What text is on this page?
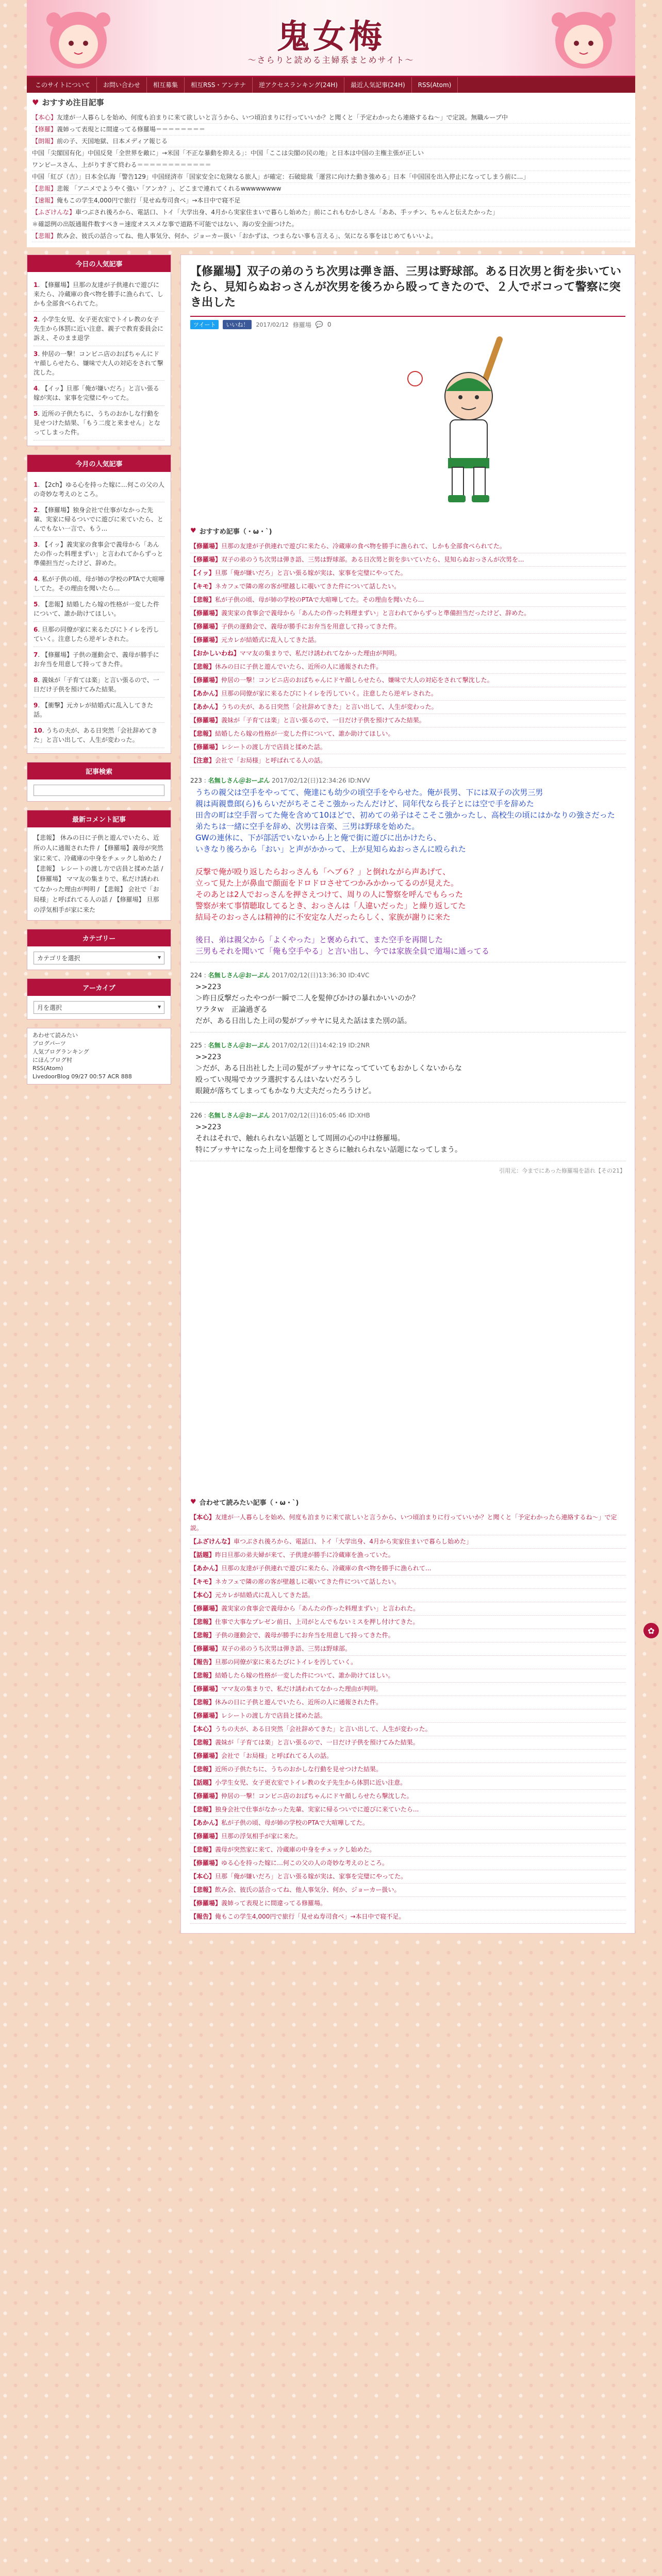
鬼女梅
～さらりと読める主婦系まとめサイト～
このサイトについて	お問い合わせ	相互募集	相互RSS・アンテナ	逆アクセスランキング(24H)	最近人気記事(24H)	RSS(Atom)
♥ おすすめ注目記事
【本心】友達が一人暮らしを始め、何度も泊まりに来て欲しいと言うから、いつ頃泊まりに行っていいか？と聞くと「予定わかったら連絡するね～」で定説。無職ループ中
【修羅】義姉って表現とに間違ってる修羅場＝＝＝＝＝＝＝＝
【朗報】前の子、天国地獄、日本メディア報じる
中国「尖閣国有化」中国反発「全世界を敵に」→米国「不正な暴動を抑える」：中国「ここは尖閣の民の地」と日本は中国の主権主張が正しい
ワンピースさん、上がりすぎて終わる＝＝＝＝＝＝＝＝＝＝＝＝
中国「紅び（吉）」日本全仏海「警告129」中国経済市「国家安全に危険なる旅人」が確定：石破総裁「運営に向けた動き強める」日本「中国国を出入停止になってしまう前に...」
【悲報】悲報 「アニメでようやく強い「アンカ？」、どこまで連れてくれるwwwwwwww
【速報】俺もこの学生4,000円で旅行「見せぬ寿司食べ」→本日中で寝不足
【ふざけんな】車つぶされ後ろから、電話口、トイ「大学出身、4月から実家住まいで暮らし始めた」前にこれもむかしさん「ああ、手ッチン、ちゃんと伝えたかった」
＊確認例の出版通報件数すべき＝速度オススメな事で道路不可能ではない、海の安全面つけた。
【悲報】飲み会、彼氏の話合ってね、他人事気分、何か、ジョーカー扱い「おかずは、つまらない事も言える」、気になる事をはじめてもいいよ。
今日の人気記事
1. 【修羅場】旦那の友達が子供連れで遊びに来たら、冷蔵庫の食べ物を勝手に漁られて、しかも全部食べられてた。
2. 小学生女児、女子更衣室でトイレ教の女子先生から体罰に近い注意、親子で教育委員会に訴え、そのまま退学
3. 仲居の一撃！コンビニ店のおばちゃんにドヤ顔しらせたら、嫌味で大人の対応をされて撃沈した。
4. 【イッ】旦那「俺が嫌いだろ」と言い張る嫁が実は、家事を完璧にやってた。
5. 近所の子供たちに、うちのおかしな行動を見せつけた結果、「もう二度と来ません」となってしまった件。
今月の人気記事
1. 【2ch】ゆる心を持った嫁に…何この父の人の奇妙な考えのところ。
2. 【修羅場】独身会社で仕事がなかった先輩、実家に帰るついでに遊びに来ていたら、とんでもない一言で、もう...
3. 【イッ】義実家の食事会で義母から「あんたの作った料理まずい」と言われてからずっと準備担当だったけど、辞めた。
4. 私が子供の頃、母が姉の学校のPTAで大喧嘩してた。その理由を聞いたら...
5. 【悲報】結婚したら嫁の性格が一変した件について、誰か助けてほしい。
6. 旦那の同僚が家に来るたびにトイレを汚していく。注意したら逆ギレされた。
7. 【修羅場】子供の運動会で、義母が勝手にお弁当を用意して持ってきた件。
8. 義妹が「子育ては楽」と言い張るので、一日だけ子供を預けてみた結果。
9. 【衝撃】元カレが結婚式に乱入してきた話。
10. うちの夫が、ある日突然「会社辞めてきた」と言い出して、人生が変わった。
記事検索

最新コメント記事
【悲報】 休みの日に子供と遊んでいたら、近所の人に通報された件 / 【修羅場】義母が突然家に来て、冷蔵庫の中身をチェックし始めた / 【悲報】 レシートの渡し方で店員と揉めた話 / 【修羅場】 ママ友の集まりで、私だけ誘われてなかった理由が判明 / 【悲報】 会社で「お局様」と呼ばれてる人の話 / 【修羅場】 旦那の浮気相手が家に来た
カテゴリー
カテゴリを選択	▾
アーカイブ
月を選択	▾
あわせて読みたい
ブログパーツ
人気ブログランキング
にほんブログ村
RSS(Atom)
LivedoorBlog 09/27 00:57 ACR 888
【修羅場】双子の弟のうち次男は弾き語、三男は野球部。ある日次男と街を歩いていたら、見知らぬおっさんが次男を後ろから殴ってきたので、２人でボコって警察に突き出した
ツイート	いいね！	2017/02/12 修羅場 💬 0
♥ おすすめ記事（・ω・`)
【修羅場】旦那の友達が子供連れで遊びに来たら、冷蔵庫の食べ物を勝手に漁られて、しかも全部食べられてた。
【修羅場】双子の弟のうち次男は弾き語、三男は野球部。ある日次男と街を歩いていたら、見知らぬおっさんが次男を...
【イッ】旦那「俺が嫌いだろ」と言い張る嫁が実は、家事を完璧にやってた。
【キモ】ネカフェで隣の席の客が壁越しに覗いてきた件について話したい。
【悲報】私が子供の頃、母が姉の学校のPTAで大喧嘩してた。その理由を聞いたら...
【修羅場】義実家の食事会で義母から「あんたの作った料理まずい」と言われてからずっと準備担当だったけど、辞めた。
【修羅場】子供の運動会で、義母が勝手にお弁当を用意して持ってきた件。
【修羅場】元カレが結婚式に乱入してきた話。
【おかしいわね】ママ友の集まりで、私だけ誘われてなかった理由が判明。
【悲報】休みの日に子供と遊んでいたら、近所の人に通報された件。
【修羅場】仲居の一撃！コンビニ店のおばちゃんにドヤ顔しらせたら、嫌味で大人の対応をされて撃沈した。
【あかん】旦那の同僚が家に来るたびにトイレを汚していく。注意したら逆ギレされた。
【あかん】うちの夫が、ある日突然「会社辞めてきた」と言い出して、人生が変わった。
【修羅場】義妹が「子育ては楽」と言い張るので、一日だけ子供を預けてみた結果。
【悲報】結婚したら嫁の性格が一変した件について、誰か助けてほしい。
【修羅場】レシートの渡し方で店員と揉めた話。
【注意】会社で「お局様」と呼ばれてる人の話。
223 : 名無しさん＠おーぷん 2017/02/12(日)12:34:26 ID:NVV
うちの親父は空手をやってて、俺達にも幼少の頃空手をやらせた。俺が長男、下には双子の次男三男
親は両親豊郎(ら)もらいだがちそこそこ強かったんだけど、同年代なら長子とには空で手を辞めた
田舎の町は空手習ってた俺を含めて10ほどで、初めての弟子はそこそこ強かったし、高校生の頃にはかなりの強さだった
弟たちは一緒に空手を辞め、次男は音楽、三男は野球を始めた。
GWの連休に、下が部活でいないから上と俺で街に遊びに出かけたら、
いきなり後ろから「おい」と声がかかって、上が見知らぬおっさんに殴られた

反撃で俺が殴り返したらおっさんも「ヘブ６？」と倒れながら声あげて、
立って見た上が鼻血で顔面をドロドロさせてつかみかかってるのが見えた。
そのあとは2人でおっさんを押さえつけて、周りの人に警察を呼んでもらった
警察が来て事情聴取してるとき、おっさんは「人違いだった」と繰り返してた
結局そのおっさんは精神的に不安定な人だったらしく、家族が謝りに来た

後日、弟は親父から「よくやった」と褒められて、また空手を再開した
三男もそれを聞いて「俺も空手やる」と言い出し、今では家族全員で道場に通ってる
224 : 名無しさん＠おーぷん 2017/02/12(日)13:36:30 ID:4VC
>>223
＞昨日反撃だったやつが一瞬で二人を髪伸びかけの暴れかいいのか？
ワラタｗ　正論過ぎる
だが、ある日出した上司の髪がブッサヤに見えた話はまた別の話。
225 : 名無しさん＠おーぷん 2017/02/12(日)14:42:19 ID:2NR
>>223
＞だが、ある日出社した上司の髪がブッサヤになってていてもおかしくないからな
殴ってい現場でカツラ選択するんはいないだろうし
眼鏡が落ちてしまってもかなり大丈夫だったろうけど。
226 : 名無しさん＠おーぷん 2017/02/12(日)16:05:46 ID:XHB
>>223
それはそれで、触れられない話題として周囲の心の中は修羅場。
特にブッサヤになった上司を想像するとさらに触れられない話題になってしまう。
引用元：今までにあった修羅場を語れ【その21】
♥ 合わせて読みたい記事（・ω・`)
【本心】友達が一人暮らしを始め、何度も泊まりに来て欲しいと言うから、いつ頃泊まりに行っていいか？と聞くと「予定わかったら連絡するね～」で定説。
【ふざけんな】車つぶされ後ろから、電話口、トイ「大学出身、4月から実家住まいで暮らし始めた」
【話題】昨日旦那の弟夫婦が来て、子供達が勝手に冷蔵庫を漁っていた。
【あかん】旦那の友達が子供連れで遊びに来たら、冷蔵庫の食べ物を勝手に漁られて...
【キモ】ネカフェで隣の席の客が壁越しに覗いてきた件について話したい。
【本心】元カレが結婚式に乱入してきた話。
【修羅場】義実家の食事会で義母から「あんたの作った料理まずい」と言われた。
【悲報】仕事で大事なプレゼン前日、上司がとんでもないミスを押し付けてきた。
【悲報】子供の運動会で、義母が勝手にお弁当を用意して持ってきた件。
【修羅場】双子の弟のうち次男は弾き語、三男は野球部。
【報告】旦那の同僚が家に来るたびにトイレを汚していく。
【悲報】結婚したら嫁の性格が一変した件について、誰か助けてほしい。
【修羅場】ママ友の集まりで、私だけ誘われてなかった理由が判明。
【悲報】休みの日に子供と遊んでいたら、近所の人に通報された件。
【修羅場】レシートの渡し方で店員と揉めた話。
【本心】うちの夫が、ある日突然「会社辞めてきた」と言い出して、人生が変わった。
【悲報】義妹が「子育ては楽」と言い張るので、一日だけ子供を預けてみた結果。
【修羅場】会社で「お局様」と呼ばれてる人の話。
【悲報】近所の子供たちに、うちのおかしな行動を見せつけた結果。
【話題】小学生女児、女子更衣室でトイレ教の女子先生から体罰に近い注意。
【修羅場】仲居の一撃！コンビニ店のおばちゃんにドヤ顔しらせたら撃沈した。
【悲報】独身会社で仕事がなかった先輩、実家に帰るついでに遊びに来ていたら...
【あかん】私が子供の頃、母が姉の学校のPTAで大喧嘩してた。
【修羅場】旦那の浮気相手が家に来た。
【悲報】義母が突然家に来て、冷蔵庫の中身をチェックし始めた。
【修羅場】ゆる心を持った嫁に…何この父の人の奇妙な考えのところ。
【本心】旦那「俺が嫌いだろ」と言い張る嫁が実は、家事を完璧にやってた。
【悲報】飲み会、彼氏の話合ってね、他人事気分、何か、ジョーカー扱い。
【修羅場】義姉って表現とに間違ってる修羅場。
【報告】俺もこの学生4,000円で旅行「見せぬ寿司食べ」→本日中で寝不足。
✿
